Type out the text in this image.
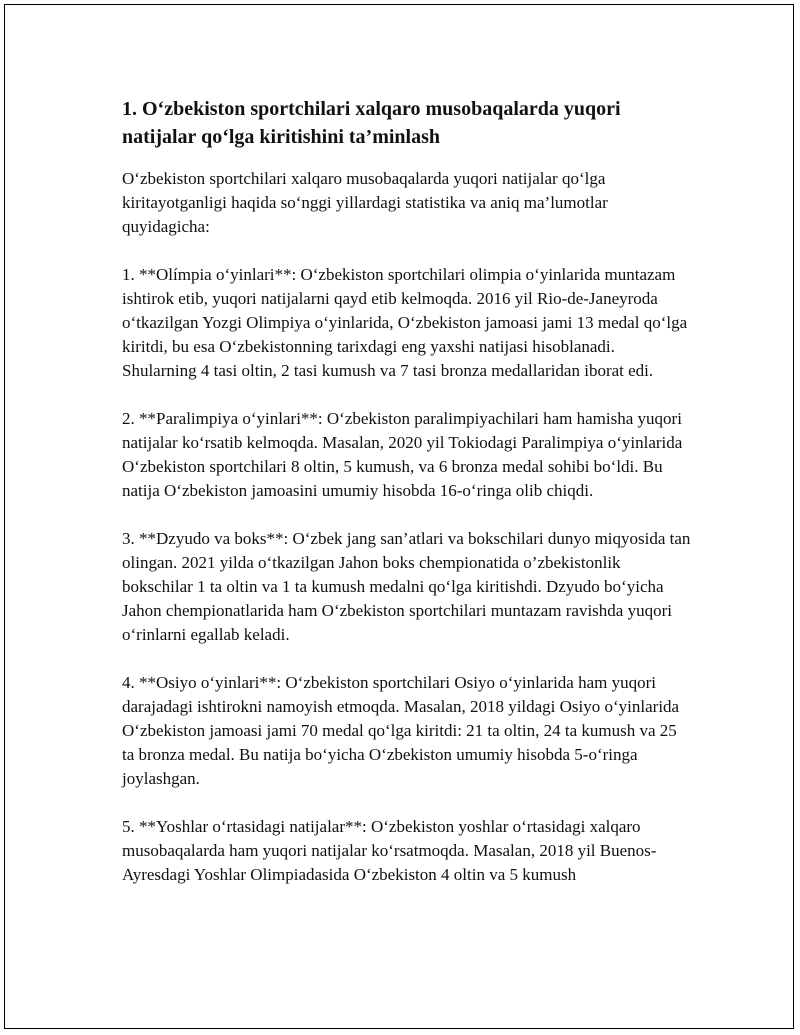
1. O‘zbekiston sportchilari xalqaro musobaqalarda yuqori natijalar qo‘lga kiritishini ta’minlash

O‘zbekiston sportchilari xalqaro musobaqalarda yuqori natijalar qo‘lga kiritayotganligi haqida so‘nggi yillardagi statistika va aniq ma’lumotlar quyidagicha:

1. **Olímpia o‘yinlari**: O‘zbekiston sportchilari olimpia o‘yinlarida muntazam ishtirok etib, yuqori natijalarni qayd etib kelmoqda. 2016 yil Rio-de-Janeyroda o‘tkazilgan Yozgi Olimpiya o‘yinlarida, O‘zbekiston jamoasi jami 13 medal qo‘lga kiritdi, bu esa O‘zbekistonning tarixdagi eng yaxshi natijasi hisoblanadi. Shularning 4 tasi oltin, 2 tasi kumush va 7 tasi bronza medallaridan iborat edi.

2. **Paralimpiya o‘yinlari**: O‘zbekiston paralimpiyachilari ham hamisha yuqori natijalar ko‘rsatib kelmoqda. Masalan, 2020 yil Tokiodagi Paralimpiya o‘yinlarida O‘zbekiston sportchilari 8 oltin, 5 kumush, va 6 bronza medal sohibi bo‘ldi. Bu natija O‘zbekiston jamoasini umumiy hisobda 16-o‘ringa olib chiqdi.

3. **Dzyudo va boks**: O‘zbek jang san’atlari va bokschilari dunyo miqyosida tan olingan. 2021 yilda o‘tkazilgan Jahon boks chempionatida o’zbekistonlik bokschilar 1 ta oltin va 1 ta kumush medalni qo‘lga kiritishdi. Dzyudo bo‘yicha Jahon chempionatlarida ham O‘zbekiston sportchilari muntazam ravishda yuqori o‘rinlarni egallab keladi.

4. **Osiyo o‘yinlari**: O‘zbekiston sportchilari Osiyo o‘yinlarida ham yuqori darajadagi ishtirokni namoyish etmoqda. Masalan, 2018 yildagi Osiyo o‘yinlarida O‘zbekiston jamoasi jami 70 medal qo‘lga kiritdi: 21 ta oltin, 24 ta kumush va 25 ta bronza medal. Bu natija bo‘yicha O‘zbekiston umumiy hisobda 5-o‘ringa joylashgan.

5. **Yoshlar o‘rtasidagi natijalar**: O‘zbekiston yoshlar o‘rtasidagi xalqaro musobaqalarda ham yuqori natijalar ko‘rsatmoqda. Masalan, 2018 yil Buenos-Ayresdagi Yoshlar Olimpiadasida O‘zbekiston 4 oltin va 5 kumush
